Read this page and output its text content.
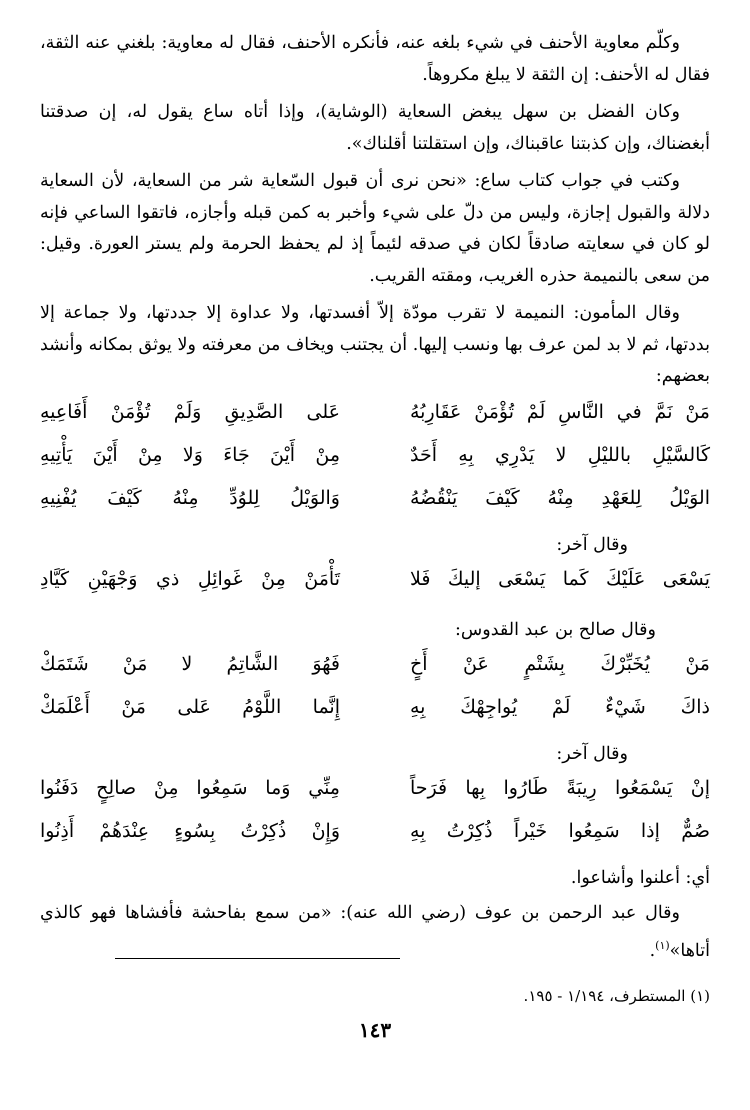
وكلّم معاوية الأحنف في شيء بلغه عنه، فأنكره الأحنف، فقال له معاوية: بلغني عنه الثقة، فقال له الأحنف: إن الثقة لا يبلغ مكروهاً.

وكان الفضل بن سهل يبغض السعاية (الوشاية)، وإذا أتاه ساع يقول له، إن صدقتنا أبغضناك، وإن كذبتنا عاقبناك، وإن استقلتنا أقلناك».

وكتب في جواب كتاب ساع: «نحن نرى أن قبول السّعاية شر من السعاية، لأن السعاية دلالة والقبول إجازة، وليس من دلّ على شيء وأخبر به كمن قبله وأجازه، فاتقوا الساعي فإنه لو كان في سعايته صادقاً لكان في صدقه لئيماً إذ لم يحفظ الحرمة ولم يستر العورة. وقيل: من سعى بالنميمة حذره الغريب، ومقته القريب.

وقال المأمون: النميمة لا تقرب مودّة إلاّ أفسدتها، ولا عداوة إلا جددتها، ولا جماعة إلا بددتها، ثم لا بد لمن عرف بها ونسب إليها. أن يجتنب ويخاف من معرفته ولا يوثق بمكانه وأنشد بعضهم:

مَنْ نَمَّ في النَّاسِ لَمْ تُؤْمَنْ عَقَارِبُهُ
عَلى الصَّدِيقِ وَلَمْ تُؤْمَنْ أَفَاعِيهِ
كَالسَّيْلِ بالليْلِ لا يَدْرِي بِهِ أَحَدٌ
مِنْ أَيْنَ جَاءَ وَلا مِنْ أَيْنَ يَأْتِيهِ
الوَيْلُ لِلعَهْدِ مِنْهُ كَيْفَ يَنْقُضُهُ
وَالوَيْلُ لِلوُدِّ مِنْهُ كَيْفَ يُفْنِيهِ

وقال آخر:

يَسْعَى عَلَيْكَ كَما يَسْعَى إليكَ فَلا
تَأْمَنْ مِنْ غَوائِلِ ذي وَجْهَيْنِ كَيَّادِ

وقال صالح بن عبد القدوس:

مَنْ يُخَبِّرْكَ بِشَتْمٍ عَنْ أَخٍ
فَهُوَ الشَّاتِمُ لا مَنْ شَتَمَكْ
ذاكَ شَيْءٌ لَمْ يُواجِهْكَ بِهِ
إِنَّما اللَّوْمُ عَلى مَنْ أَعْلَمَكْ

وقال آخر:

إنْ يَسْمَعُوا رِيبَةً طَارُوا بِها فَرَحاً
مِنِّي وَما سَمِعُوا مِنْ صالِحٍ دَفَنُوا
صُمٌّ إذا سَمِعُوا خَيْراً ذُكِرْتُ بِهِ
وَإِنْ ذُكِرْتُ بِسُوءٍ عِنْدَهُمْ أَذِنُوا

أي: أعلنوا وأشاعوا.

وقال عبد الرحمن بن عوف (رضي الله عنه): «من سمع بفاحشة فأفشاها فهو كالذي أتاها»$^{(١)}$.

(١) المستطرف، ١/١٩٤ - ١٩٥.
١٤٣
